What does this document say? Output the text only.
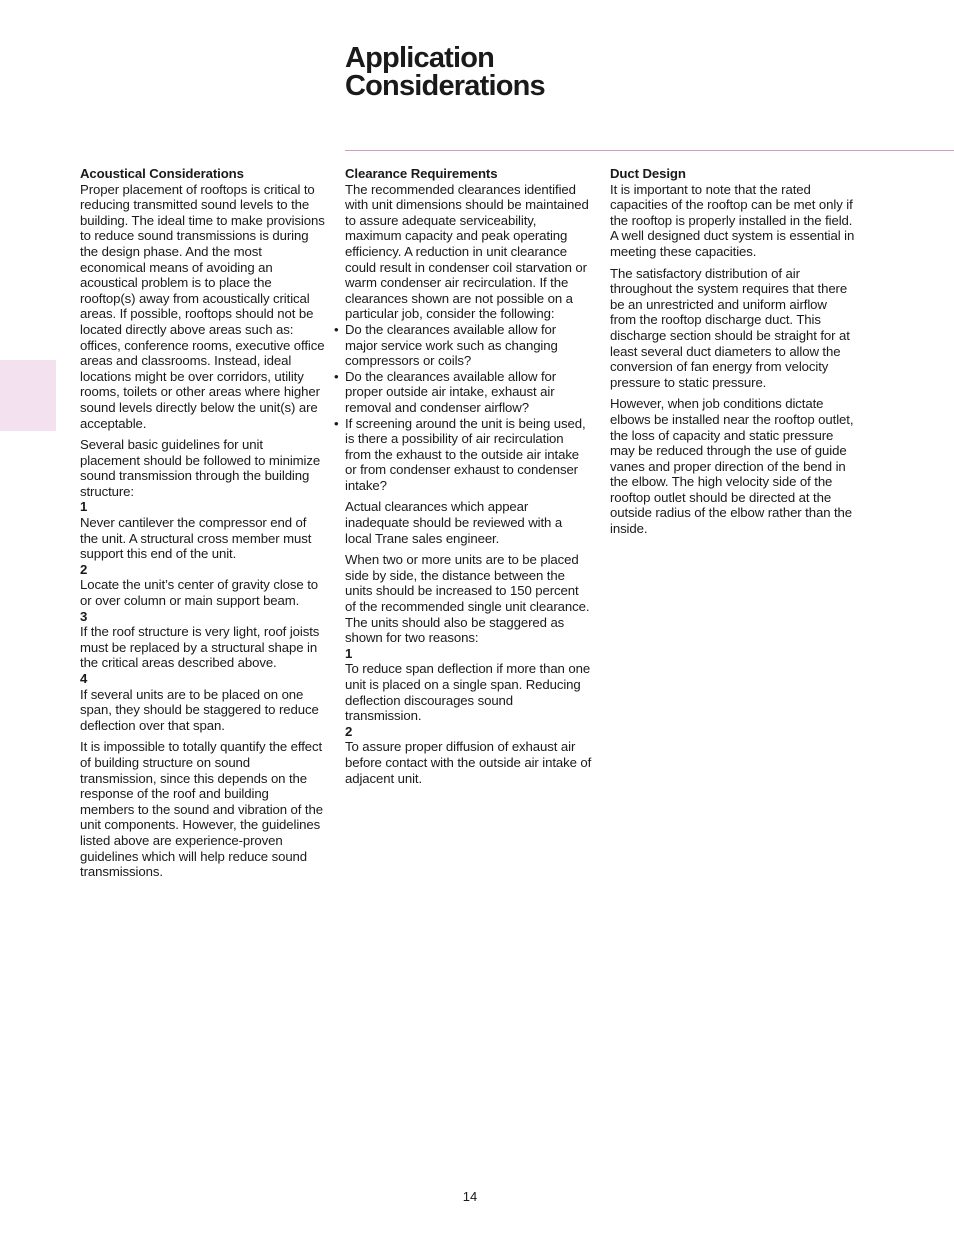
Application
Considerations
Acoustical Considerations

Proper placement of rooftops is critical to reducing transmitted sound levels to the building. The ideal time to make provisions to reduce sound transmissions is during the design phase. And the most economical means of avoiding an acoustical problem is to place the rooftop(s) away from acoustically critical areas. If possible, rooftops should not be located directly above areas such as: offices, conference rooms, executive office areas and classrooms. Instead, ideal locations might be over corridors, utility rooms, toilets or other areas where higher sound levels directly below the unit(s) are acceptable.

Several basic guidelines for unit placement should be followed to minimize sound transmission through the building structure:

1

Never cantilever the compressor end of the unit. A structural cross member must support this end of the unit.

2

Locate the unit’s center of gravity close to or over column or main support beam.

3

If the roof structure is very light, roof joists must be replaced by a structural shape in the critical areas described above.

4

If several units are to be placed on one span, they should be staggered to reduce deflection over that span.

It is impossible to totally quantify the effect of building structure on sound transmission, since this depends on the response of the roof and building members to the sound and vibration of the unit components. However, the guidelines listed above are experience-proven guidelines which will help reduce sound transmissions.

Clearance Requirements

The recommended clearances identified with unit dimensions should be maintained to assure adequate serviceability, maximum capacity and peak operating efficiency. A reduction in unit clearance could result in condenser coil starvation or warm condenser air recirculation. If the clearances shown are not possible on a particular job, consider the following:

• Do the clearances available allow for major service work such as changing compressors or coils?
• Do the clearances available allow for proper outside air intake, exhaust air removal and condenser airflow?
• If screening around the unit is being used, is there a possibility of air recirculation from the exhaust to the outside air intake or from condenser exhaust to condenser intake?

Actual clearances which appear inadequate should be reviewed with a local Trane sales engineer.

When two or more units are to be placed side by side, the distance between the units should be increased to 150 percent of the recommended single unit clearance. The units should also be staggered as shown for two reasons:

1

To reduce span deflection if more than one unit is placed on a single span. Reducing deflection discourages sound transmission.

2

To assure proper diffusion of exhaust air before contact with the outside air intake of adjacent unit.

Duct Design

It is important to note that the rated capacities of the rooftop can be met only if the rooftop is properly installed in the field. A well designed duct system is essential in meeting these capacities.

The satisfactory distribution of air throughout the system requires that there be an unrestricted and uniform airflow from the rooftop discharge duct. This discharge section should be straight for at least several duct diameters to allow the conversion of fan energy from velocity pressure to static pressure.

However, when job conditions dictate elbows be installed near the rooftop outlet, the loss of capacity and static pressure may be reduced through the use of guide vanes and proper direction of the bend in the elbow. The high velocity side of the rooftop outlet should be directed at the outside radius of the elbow rather than the inside.

14
